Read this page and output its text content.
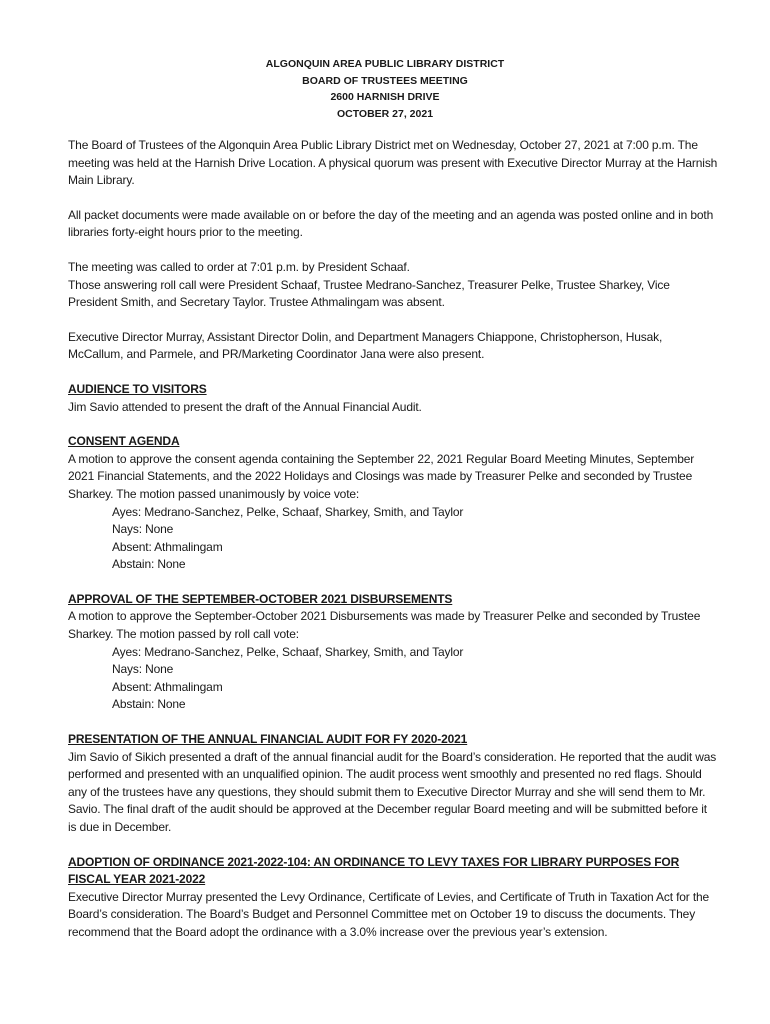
ALGONQUIN AREA PUBLIC LIBRARY DISTRICT
BOARD OF TRUSTEES MEETING
2600 HARNISH DRIVE
OCTOBER 27, 2021

The Board of Trustees of the Algonquin Area Public Library District met on Wednesday, October 27, 2021 at 7:00 p.m. The meeting was held at the Harnish Drive Location. A physical quorum was present with Executive Director Murray at the Harnish Main Library.

All packet documents were made available on or before the day of the meeting and an agenda was posted online and in both libraries forty-eight hours prior to the meeting.

The meeting was called to order at 7:01 p.m. by President Schaaf.

Those answering roll call were President Schaaf, Trustee Medrano-Sanchez, Treasurer Pelke, Trustee Sharkey, Vice President Smith, and Secretary Taylor. Trustee Athmalingam was absent.

Executive Director Murray, Assistant Director Dolin, and Department Managers Chiappone, Christopherson, Husak, McCallum, and Parmele, and PR/Marketing Coordinator Jana were also present.

AUDIENCE TO VISITORS

Jim Savio attended to present the draft of the Annual Financial Audit.

CONSENT AGENDA

A motion to approve the consent agenda containing the September 22, 2021 Regular Board Meeting Minutes, September 2021 Financial Statements, and the 2022 Holidays and Closings was made by Treasurer Pelke and seconded by Trustee Sharkey. The motion passed unanimously by voice vote:

Ayes: Medrano-Sanchez, Pelke, Schaaf, Sharkey, Smith, and Taylor
Nays: None
Absent: Athmalingam
Abstain: None

APPROVAL OF THE SEPTEMBER-OCTOBER 2021 DISBURSEMENTS

A motion to approve the September-October 2021 Disbursements was made by Treasurer Pelke and seconded by Trustee Sharkey. The motion passed by roll call vote:

Ayes: Medrano-Sanchez, Pelke, Schaaf, Sharkey, Smith, and Taylor
Nays: None
Absent: Athmalingam
Abstain: None

PRESENTATION OF THE ANNUAL FINANCIAL AUDIT FOR FY 2020-2021

Jim Savio of Sikich presented a draft of the annual financial audit for the Board’s consideration. He reported that the audit was performed and presented with an unqualified opinion. The audit process went smoothly and presented no red flags. Should any of the trustees have any questions, they should submit them to Executive Director Murray and she will send them to Mr. Savio. The final draft of the audit should be approved at the December regular Board meeting and will be submitted before it is due in December.

ADOPTION OF ORDINANCE 2021-2022-104: AN ORDINANCE TO LEVY TAXES FOR LIBRARY PURPOSES FOR FISCAL YEAR 2021-2022

Executive Director Murray presented the Levy Ordinance, Certificate of Levies, and Certificate of Truth in Taxation Act for the Board’s consideration. The Board’s Budget and Personnel Committee met on October 19 to discuss the documents. They recommend that the Board adopt the ordinance with a 3.0% increase over the previous year’s extension.
